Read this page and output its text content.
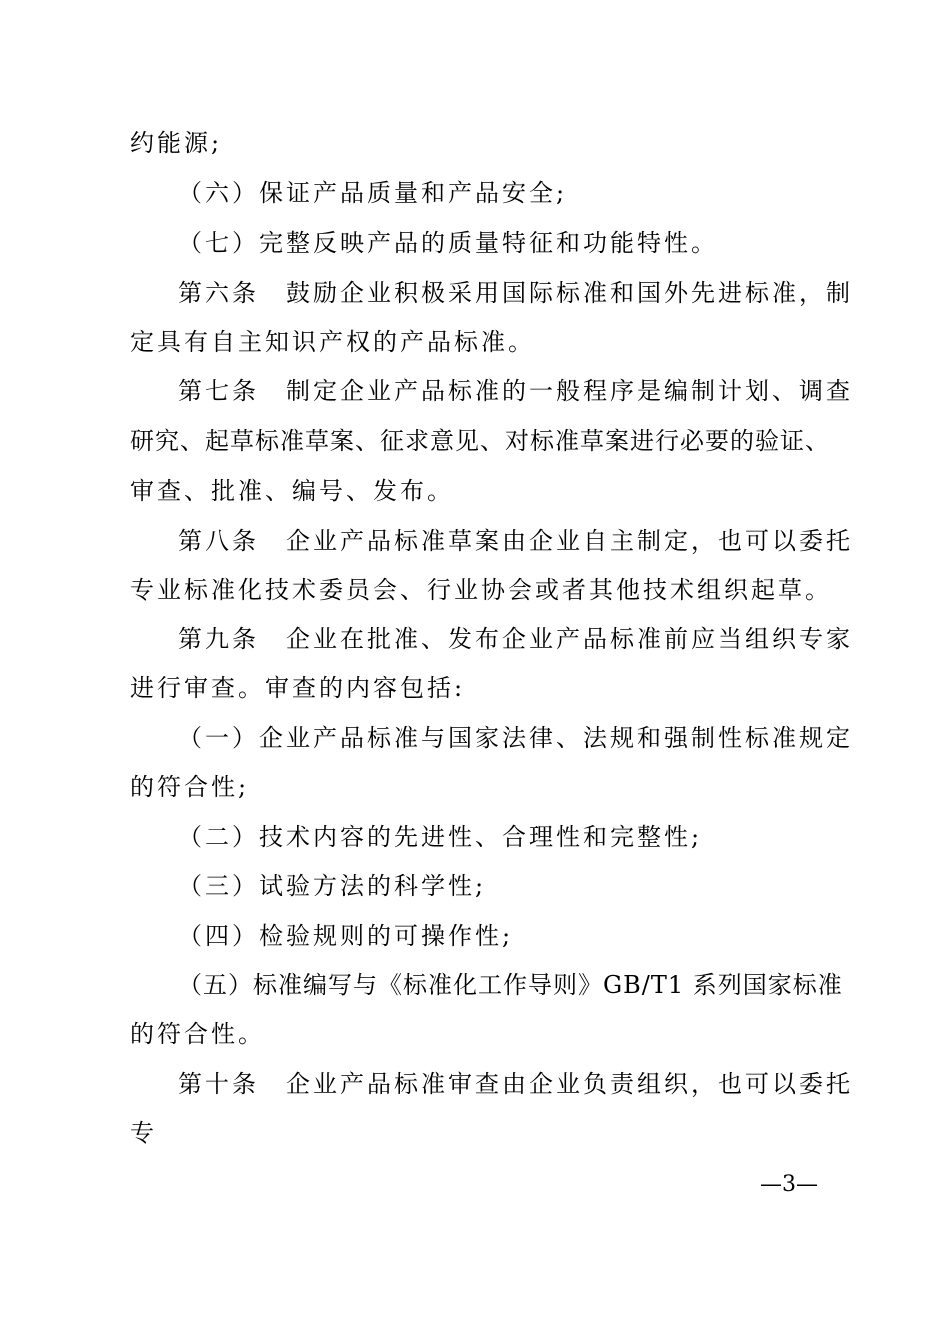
约能源;
（六）保证产品质量和产品安全;
（七）完整反映产品的质量特征和功能特性。
第六条　鼓励企业积极采用国际标准和国外先进标准，制
定具有自主知识产权的产品标准。
第七条　制定企业产品标准的一般程序是编制计划、调查
研究、起草标准草案、征求意见、对标准草案进行必要的验证、
审查、批准、编号、发布。
第八条　企业产品标准草案由企业自主制定，也可以委托
专业标准化技术委员会、行业协会或者其他技术组织起草。
第九条　企业在批准、发布企业产品标准前应当组织专家
进行审查。审查的内容包括:
（一）企业产品标准与国家法律、法规和强制性标准规定
的符合性;
（二）技术内容的先进性、合理性和完整性;
（三）试验方法的科学性;
（四）检验规则的可操作性;
（五）标准编写与《标准化工作导则》GB/T1 系列国家标准
的符合性。
第十条　企业产品标准审查由企业负责组织，也可以委托
专
—3—
